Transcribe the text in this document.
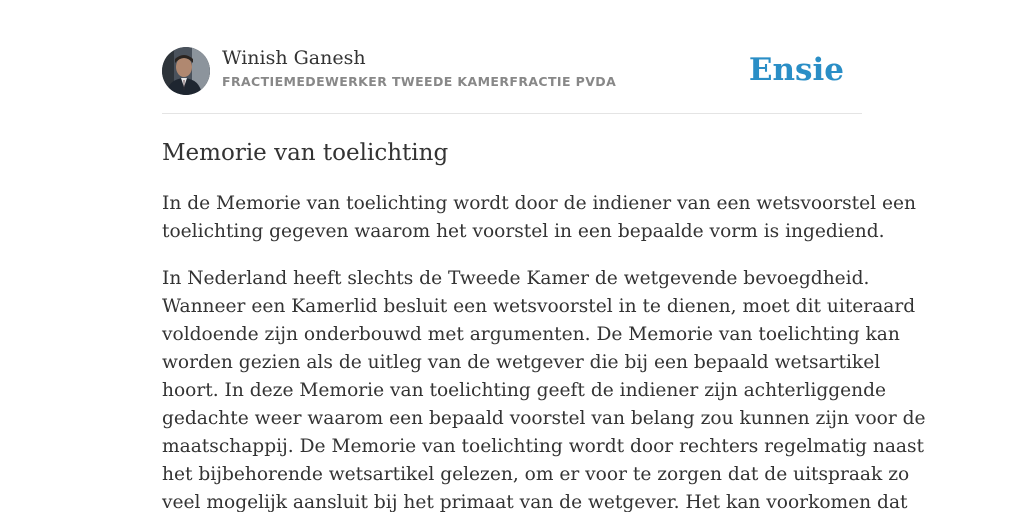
Winish Ganesh
FRACTIEMEDEWERKER TWEEDE KAMERFRACTIE PVDA	Ensie
Memorie van toelichting

In de Memorie van toelichting wordt door de indiener van een wetsvoorstel een
toelichting gegeven waarom het voorstel in een bepaalde vorm is ingediend.

In Nederland heeft slechts de Tweede Kamer de wetgevende bevoegdheid.
Wanneer een Kamerlid besluit een wetsvoorstel in te dienen, moet dit uiteraard
voldoende zijn onderbouwd met argumenten. De Memorie van toelichting kan
worden gezien als de uitleg van de wetgever die bij een bepaald wetsartikel
hoort. In deze Memorie van toelichting geeft de indiener zijn achterliggende
gedachte weer waarom een bepaald voorstel van belang zou kunnen zijn voor de
maatschappij. De Memorie van toelichting wordt door rechters regelmatig naast
het bijbehorende wetsartikel gelezen, om er voor te zorgen dat de uitspraak zo
veel mogelijk aansluit bij het primaat van de wetgever. Het kan voorkomen dat
